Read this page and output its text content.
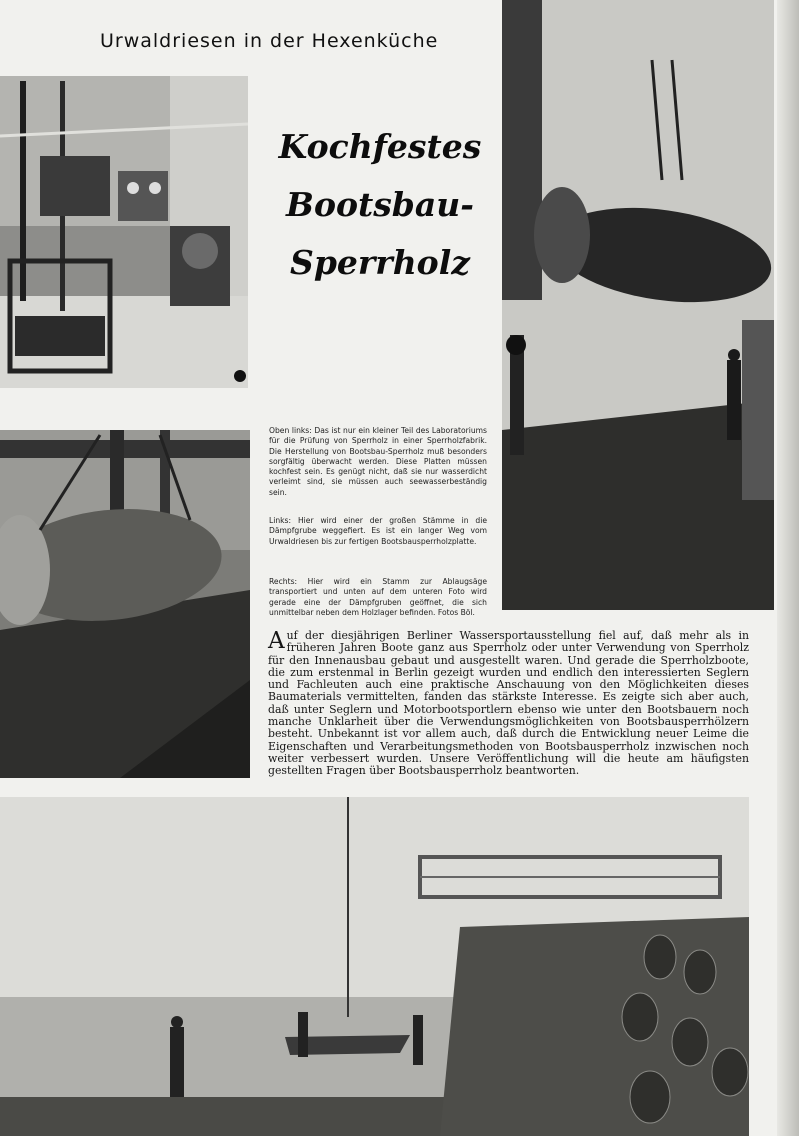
Urwaldriesen in der Hexenküche
Kochfestes
Bootsbau-
Sperrholz
Oben links: Das ist nur ein kleiner Teil des Laboratoriums für die Prüfung von Sperrholz in einer Sperrholzfabrik. Die Herstellung von Bootsbau-Sperrholz muß besonders sorgfältig überwacht werden. Diese Platten müssen kochfest sein. Es genügt nicht, daß sie nur wasserdicht verleimt sind, sie müssen auch seewasserbeständig sein.
Links: Hier wird einer der großen Stämme in die Dämpfgrube weggefiert. Es ist ein langer Weg vom Urwaldriesen bis zur fertigen Bootsbausperrholzplatte.
Rechts: Hier wird ein Stamm zur Ablaugsäge transportiert und unten auf dem unteren Foto wird gerade eine der Dämpfgruben geöffnet, die sich unmittelbar neben dem Holzlager befinden. Fotos Böl.
Auf der diesjährigen Berliner Wassersportausstellung fiel auf, daß mehr als in früheren Jahren Boote ganz aus Sperrholz oder unter Verwendung von Sperrholz für den Innenausbau gebaut und ausgestellt waren. Und gerade die Sperrholzboote, die zum erstenmal in Berlin gezeigt wurden und endlich den interessierten Seglern und Fachleuten auch eine praktische Anschauung von den Möglichkeiten dieses Baumaterials vermittelten, fanden das stärkste Interesse. Es zeigte sich aber auch, daß unter Seglern und Motorbootsportlern ebenso wie unter den Bootsbauern noch manche Unklarheit über die Verwendungsmöglichkeiten von Bootsbausperrhölzern besteht. Unbekannt ist vor allem auch, daß durch die Entwicklung neuer Leime die Eigenschaften und Verarbeitungsmethoden von Bootsbausperrholz inzwischen noch weiter verbessert wurden. Unsere Veröffentlichung will die heute am häufigsten gestellten Fragen über Bootsbausperrholz beantworten.
